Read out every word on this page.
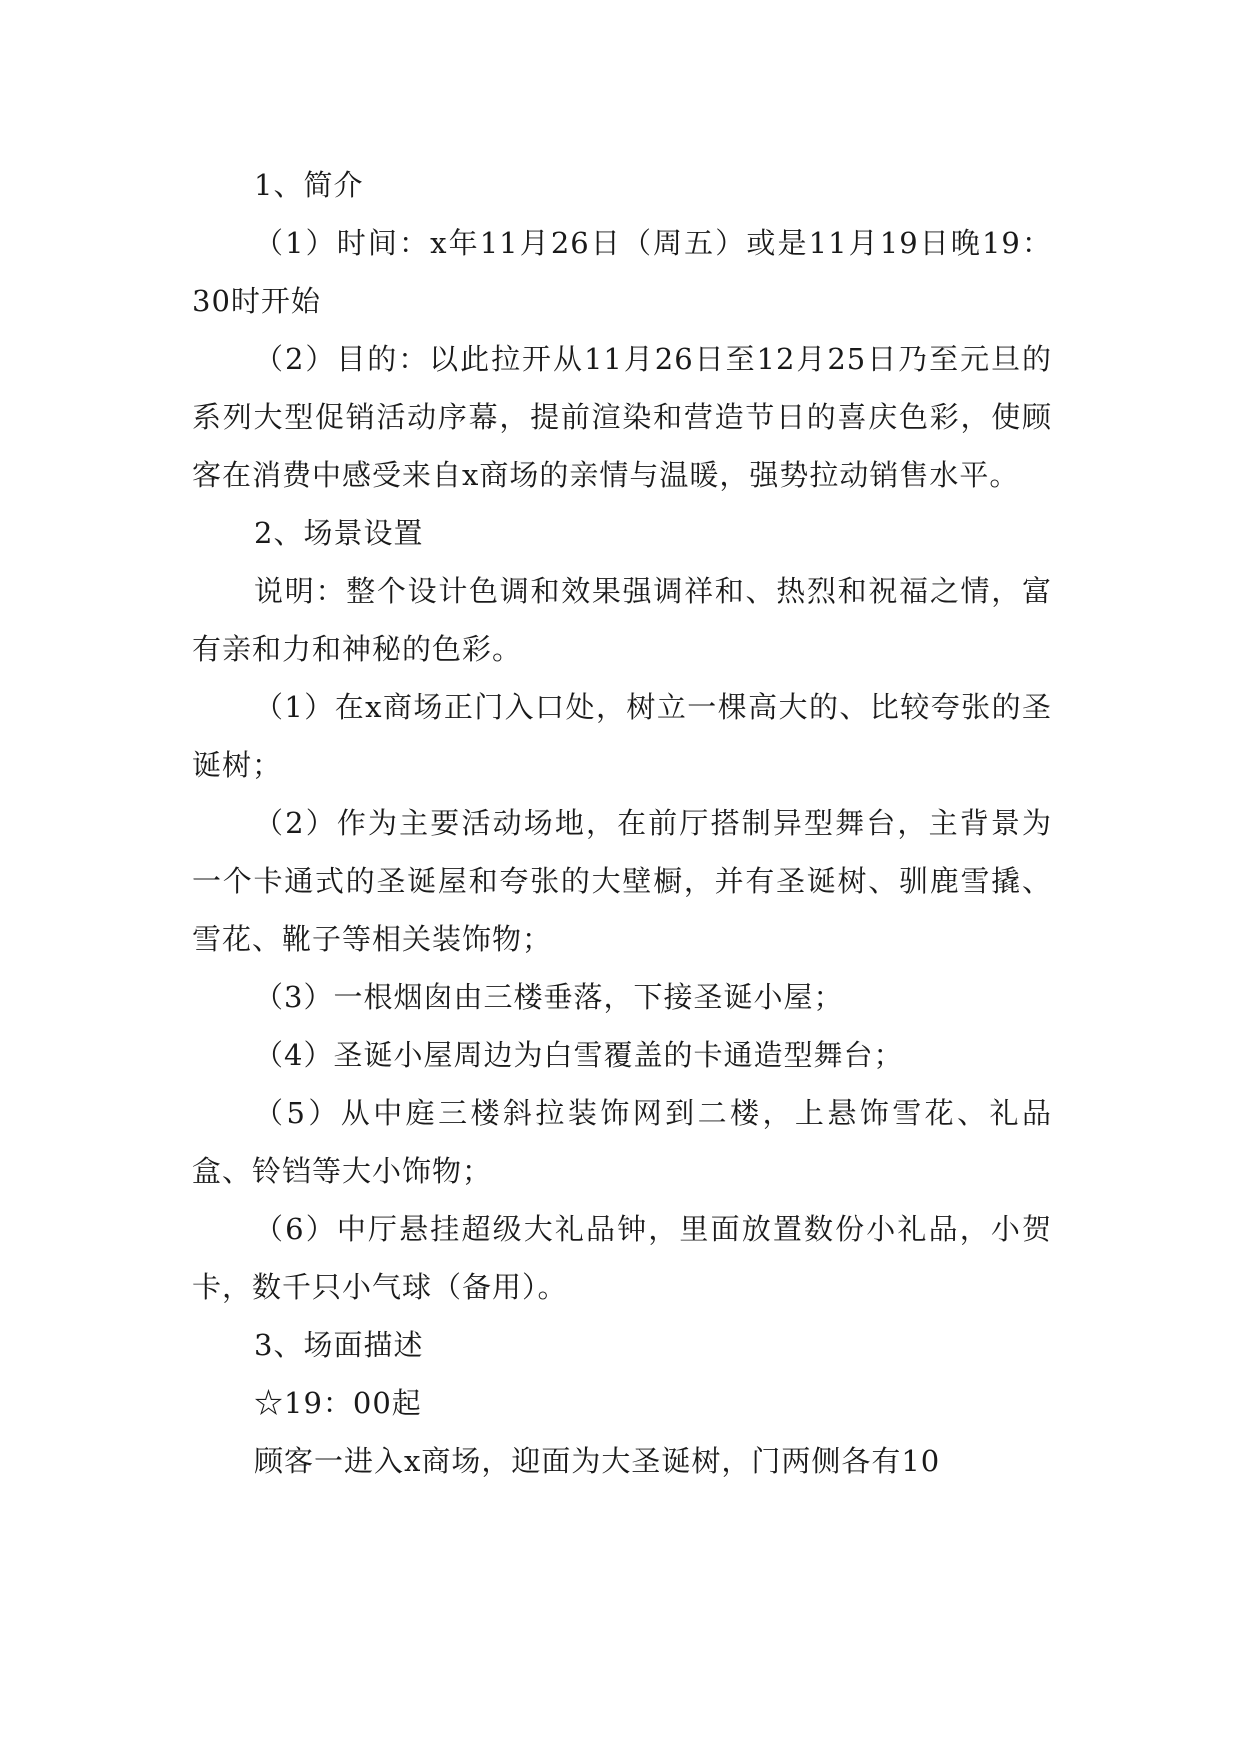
1、简介

（1）时间：x年11月26日（周五）或是11月19日晚19：30时开始

（2）目的：以此拉开从11月26日至12月25日乃至元旦的系列大型促销活动序幕，提前渲染和营造节日的喜庆色彩，使顾客在消费中感受来自x商场的亲情与温暖，强势拉动销售水平。

2、场景设置

说明：整个设计色调和效果强调祥和、热烈和祝福之情，富有亲和力和神秘的色彩。

（1）在x商场正门入口处，树立一棵高大的、比较夸张的圣诞树；

（2）作为主要活动场地，在前厅搭制异型舞台，主背景为一个卡通式的圣诞屋和夸张的大壁橱，并有圣诞树、驯鹿雪撬、雪花、靴子等相关装饰物；

（3）一根烟囱由三楼垂落，下接圣诞小屋；

（4）圣诞小屋周边为白雪覆盖的卡通造型舞台；

（5）从中庭三楼斜拉装饰网到二楼，上悬饰雪花、礼品盒、铃铛等大小饰物；

（6）中厅悬挂超级大礼品钟，里面放置数份小礼品，小贺卡，数千只小气球（备用）。

3、场面描述

☆19：00起

顾客一进入x商场，迎面为大圣诞树，门两侧各有10
